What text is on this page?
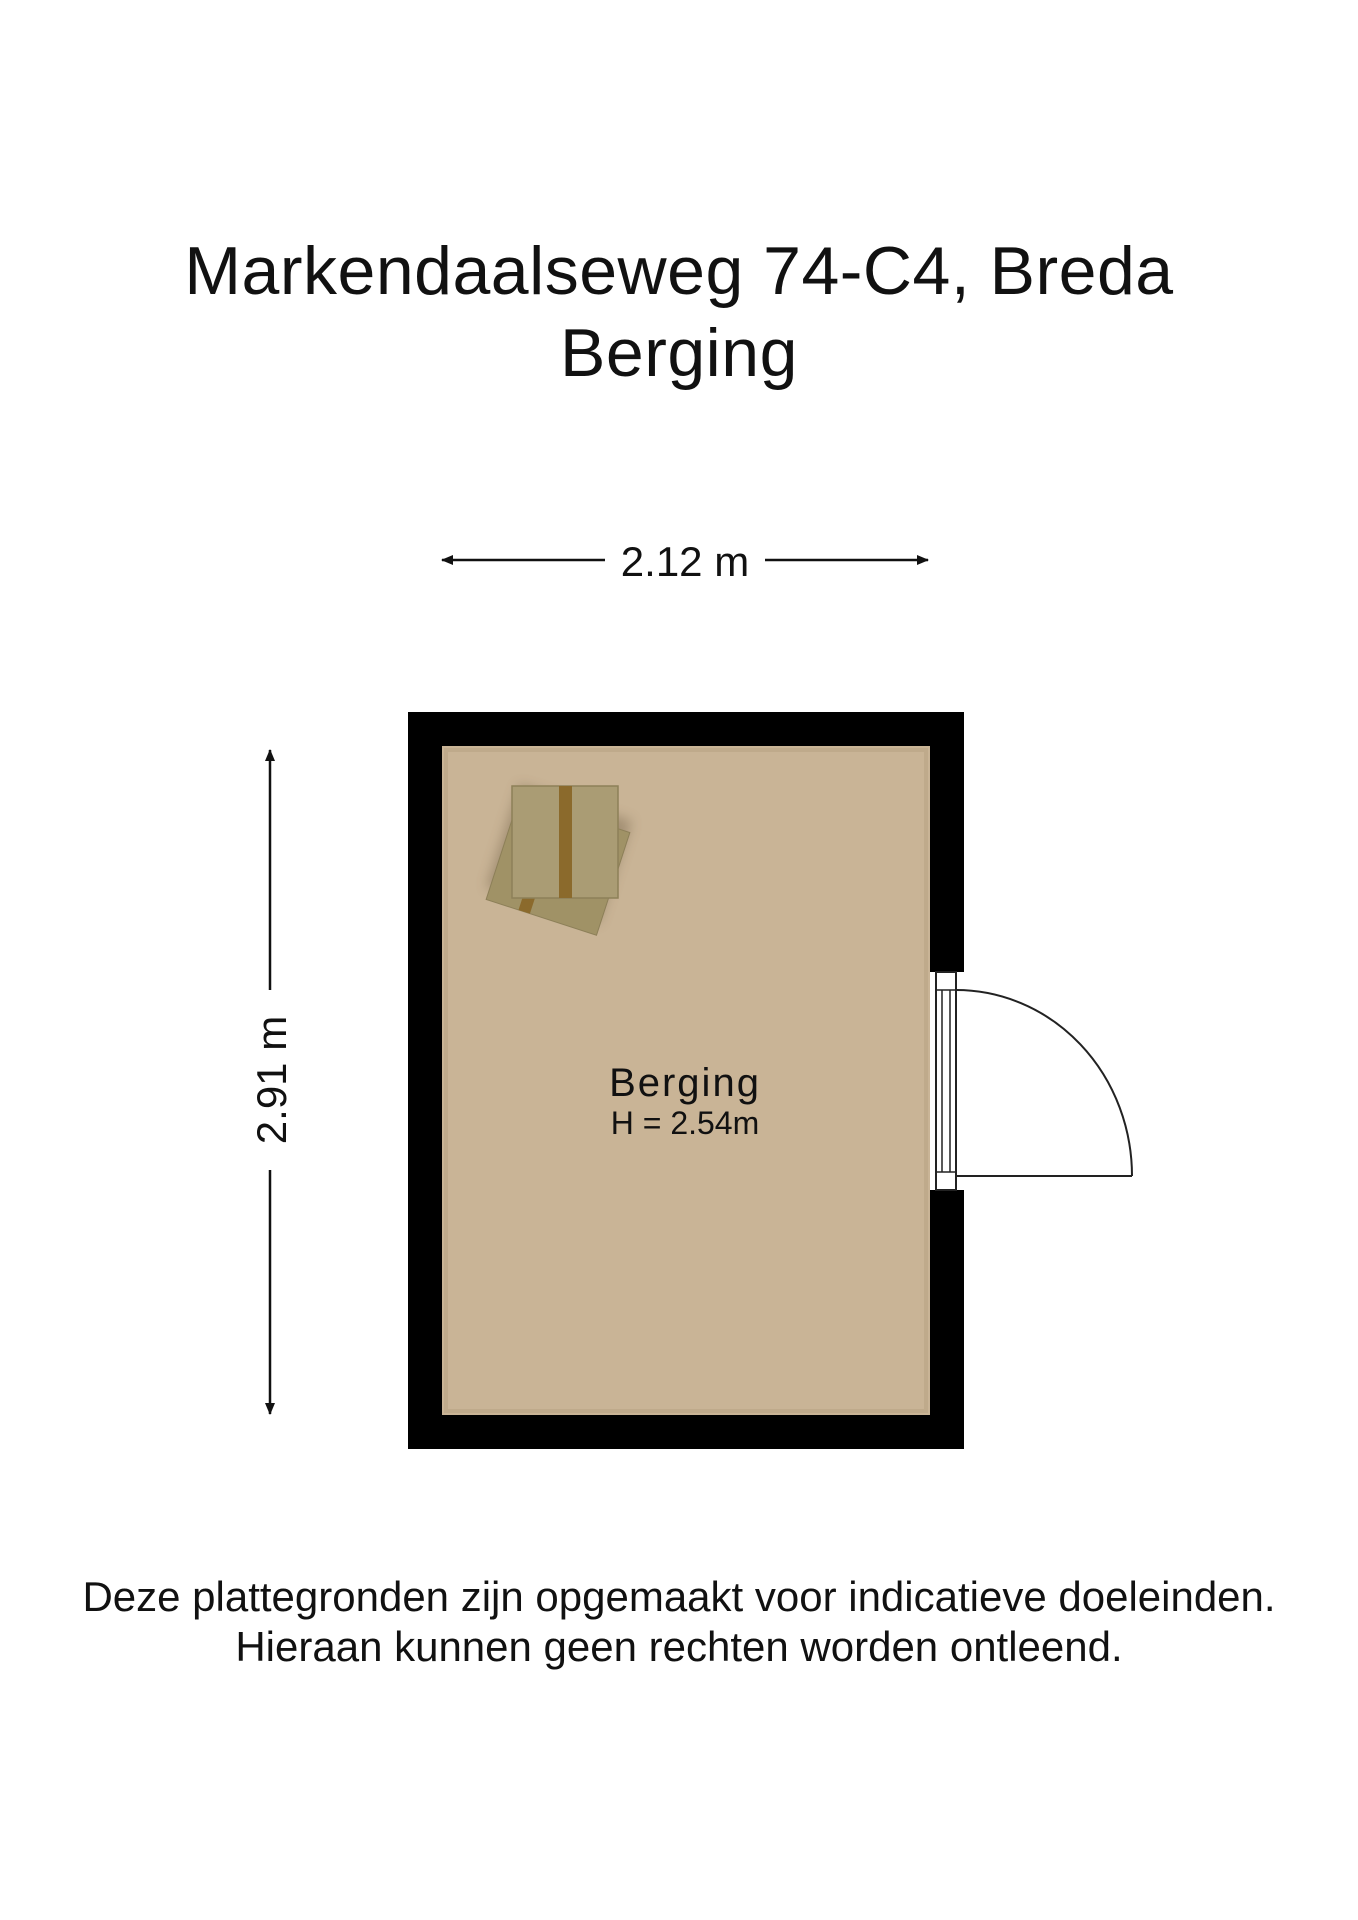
Markendaalseweg 74-C4, Breda
Berging
2.12 m
2.91 m	Berging
H = 2.54m
Deze plattegronden zijn opgemaakt voor indicatieve doeleinden.
Hieraan kunnen geen rechten worden ontleend.
